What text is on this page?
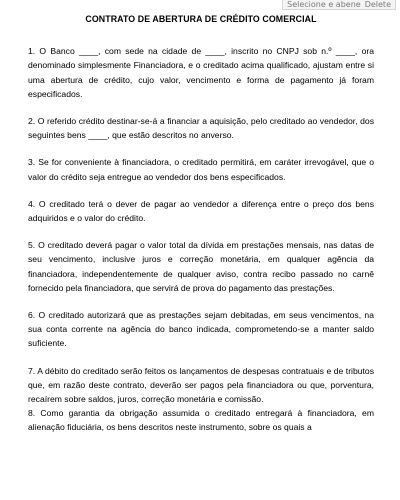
Selecione e abene Delete
CONTRATO DE ABERTURA DE CRÉDITO COMERCIAL

1. O Banco ____, com sede na cidade de ____, inscrito no CNPJ sob n.º ____, ora denominado simplesmente Financiadora, e o creditado acima qualificado, ajustam entre si uma abertura de crédito, cujo valor, vencimento e forma de pagamento já foram especificados.

2. O referido crédito destinar-se-á a financiar a aquisição, pelo creditado ao vendedor, dos seguintes bens ____, que estão descritos no anverso.

3. Se for conveniente à financiadora, o creditado permitirá, em caráter irrevogável, que o valor do crédito seja entregue ao vendedor dos bens especificados.

4. O creditado terá o dever de pagar ao vendedor a diferença entre o preço dos bens adquiridos e o valor do crédito.

5. O creditado deverá pagar o valor total da dívida em prestações mensais, nas datas de seu vencimento, inclusive juros e correção monetária, em qualquer agência da financiadora, independentemente de qualquer aviso, contra recibo passado no carnê fornecido pela financiadora, que servirá de prova do pagamento das prestações.

6. O creditado autorizará que as prestações sejam debitadas, em seus vencimentos, na sua conta corrente na agência do banco indicada, comprometendo-se a manter saldo suficiente.

7. A débito do creditado serão feitos os lançamentos de despesas contratuais e de tributos que, em razão deste contrato, deverão ser pagos pela financiadora ou que, porventura, recaírem sobre saldos, juros, correção monetária e comissão.

8. Como garantia da obrigação assumida o creditado entregará à financiadora, em alienação fiduciária, os bens descritos neste instrumento, sobre os quais a
